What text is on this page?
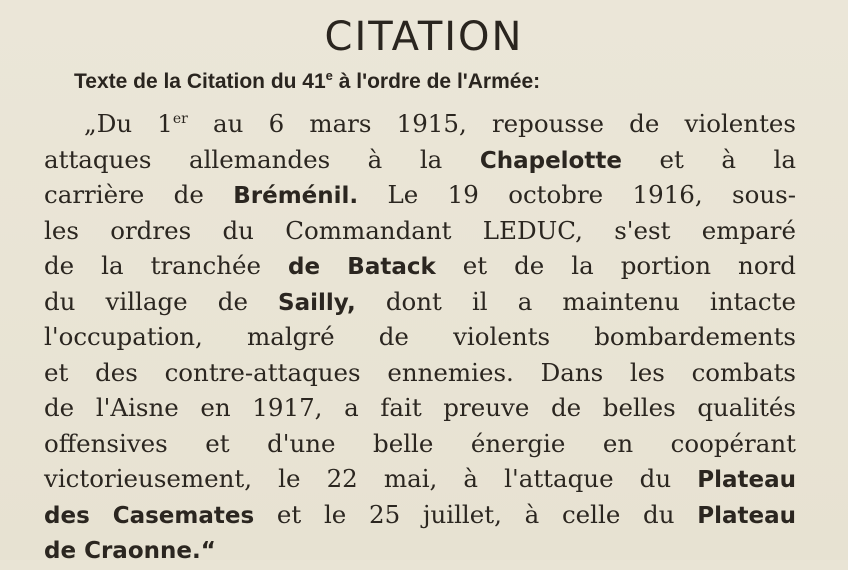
CITATION
Texte de la Citation du 41e à l'ordre de l'Armée:
„Du 1er au 6 mars 1915, repousse de violentes
attaques allemandes à la Chapelotte et à la
carrière de Bréménil. Le 19 octobre 1916, sous-
les ordres du Commandant LEDUC, s'est emparé
de la tranchée de Batack et de la portion nord
du village de Sailly, dont il a maintenu intacte
l'occupation, malgré de violents bombardements
et des contre-attaques ennemies. Dans les combats
de l'Aisne en 1917, a fait preuve de belles qualités
offensives et d'une belle énergie en coopérant
victorieusement, le 22 mai, à l'attaque du Plateau
des Casemates et le 25 juillet, à celle du Plateau
de Craonne.“
